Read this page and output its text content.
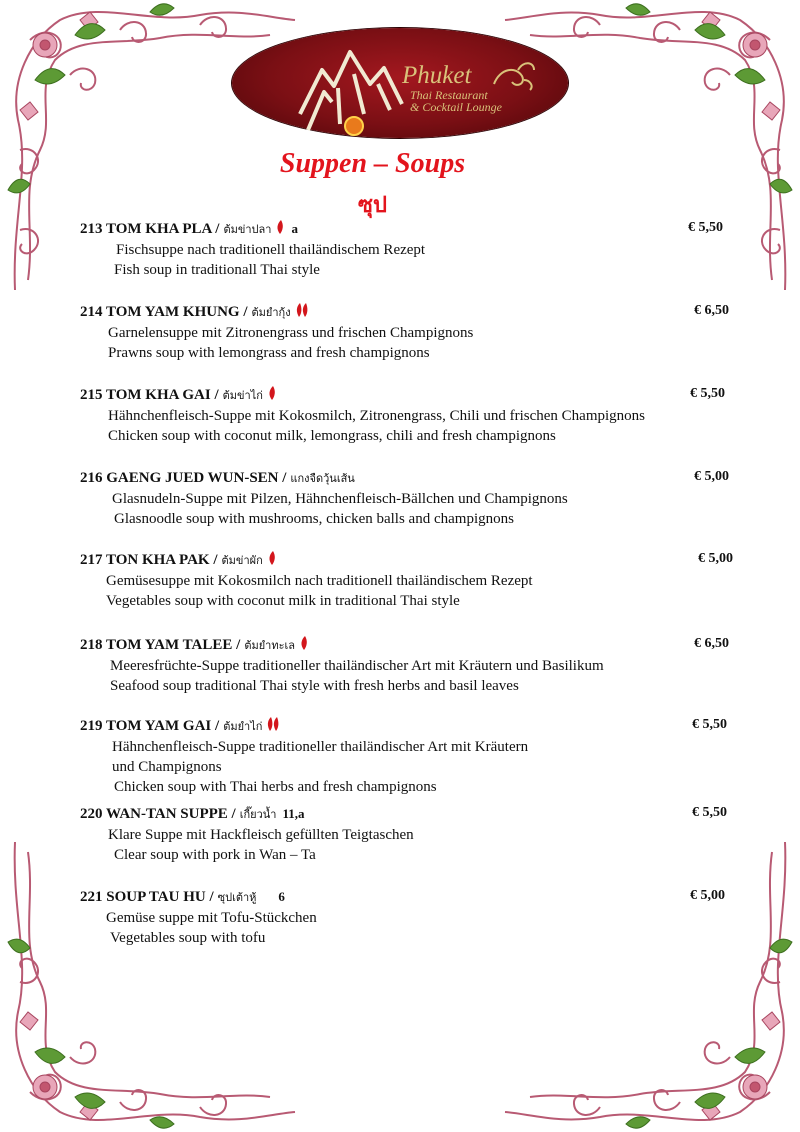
Phuket
Thai Restaurant
& Cocktail Lounge
Suppen – Soups
ซุป
213 TOM KHA PLA / ต้มข่าปลา a	€ 5,50
Fischsuppe nach traditionell thailändischem Rezept
Fish soup in traditionall Thai style
214 TOM YAM KHUNG / ต้มยำกุ้ง	€ 6,50
Garnelensuppe mit Zitronengrass und frischen Champignons
Prawns soup with lemongrass and fresh champignons
215 TOM KHA GAI / ต้มข่าไก่	€ 5,50
Hähnchenfleisch-Suppe mit Kokosmilch, Zitronengrass, Chili und frischen Champignons
Chicken soup with coconut milk, lemongrass, chili and fresh champignons
216 GAENG JUED WUN-SEN / แกงจืดวุ้นเส้น	€ 5,00
Glasnudeln-Suppe mit Pilzen, Hähnchenfleisch-Bällchen und Champignons
Glasnoodle soup with mushrooms, chicken balls and champignons
217 TON KHA PAK / ต้มข่าผัก	€ 5,00
Gemüsesuppe mit Kokosmilch nach traditionell thailändischem Rezept
Vegetables soup with coconut milk in traditional Thai style
218 TOM YAM TALEE / ต้มยำทะเล	€ 6,50
Meeresfrüchte-Suppe traditioneller thailändischer Art mit Kräutern und Basilikum
Seafood soup traditional Thai style with fresh herbs and basil leaves
219 TOM YAM GAI / ต้มยำไก่	€ 5,50
Hähnchenfleisch-Suppe traditioneller thailändischer Art mit Kräutern
und Champignons
Chicken soup with Thai herbs and fresh champignons
220 WAN-TAN SUPPE / เกี๊ยวน้ำ 11,a	€ 5,50
Klare Suppe mit Hackfleisch gefüllten Teigtaschen
Clear soup with pork in Wan – Ta
221 SOUP TAU HU / ซุปเต้าหู้ 6	€ 5,00
Gemüse suppe mit Tofu-Stückchen
Vegetables soup with tofu
